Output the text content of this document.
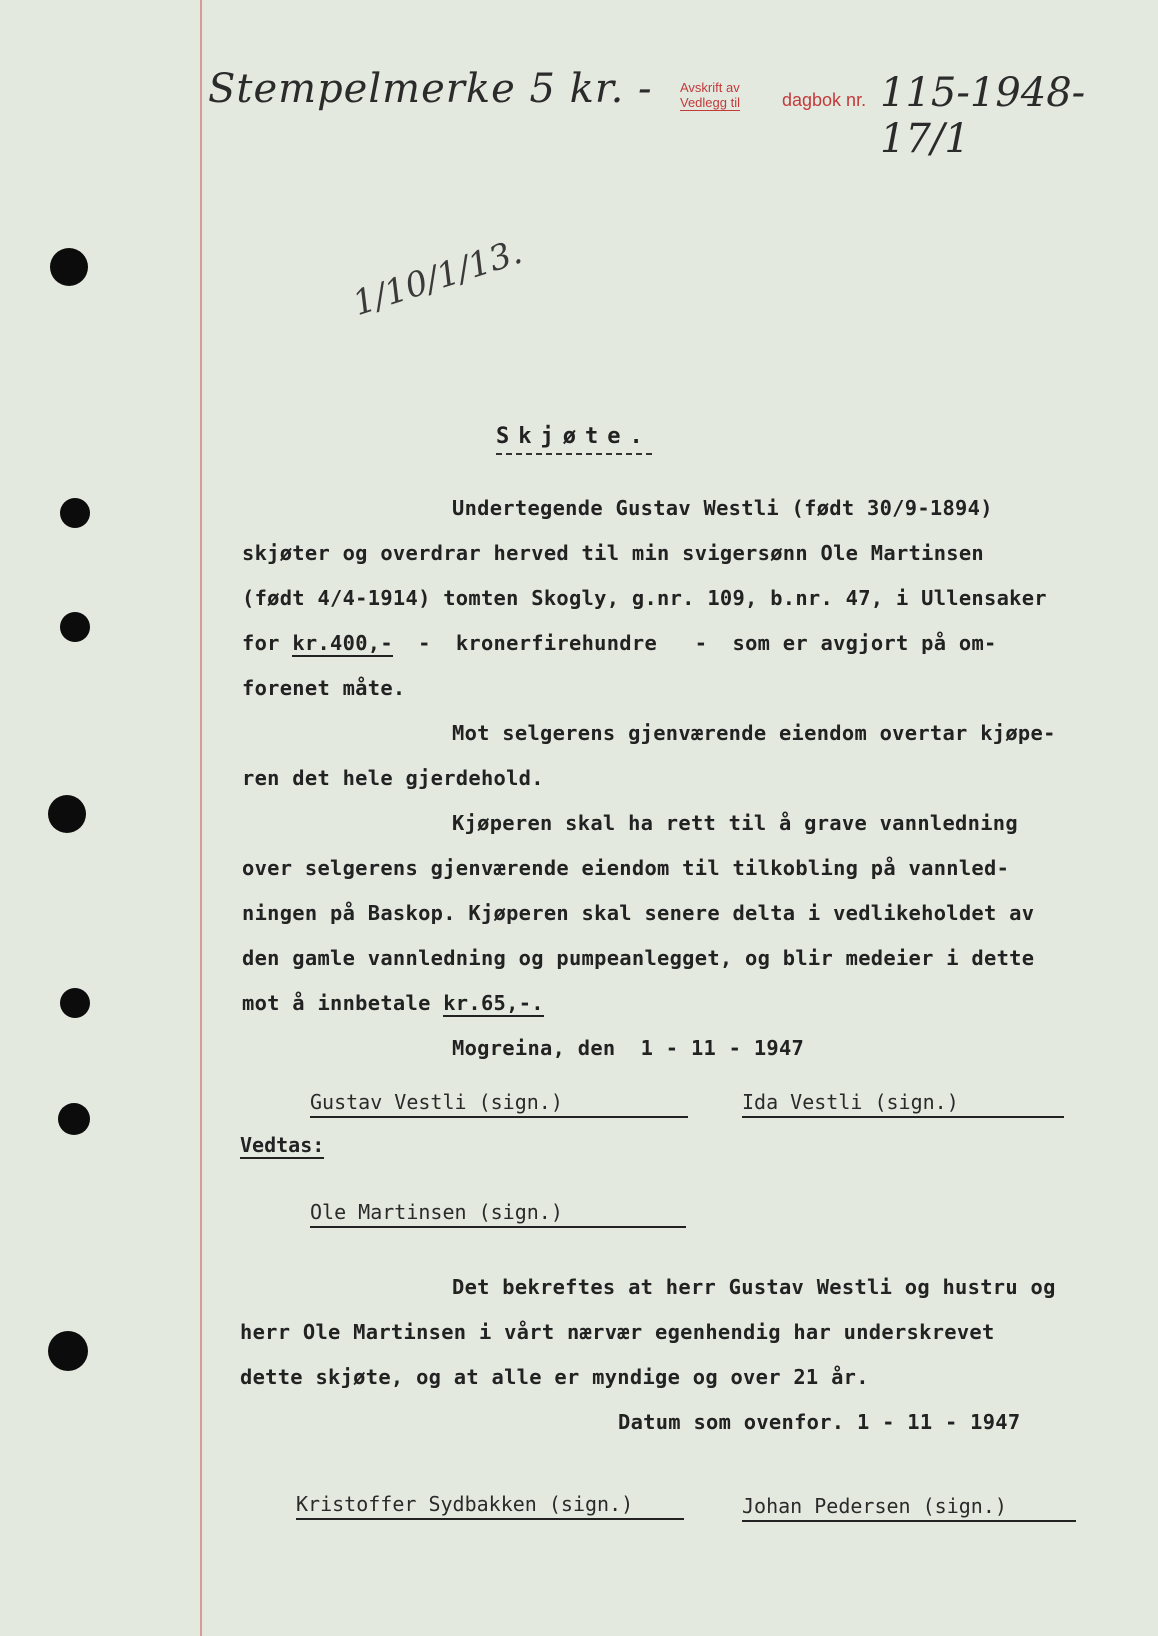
Stempelmerke 5 kr. - Avskrift av
Vedlegg til dagbok nr. 115-1948-17/1
1/10/1/13.
Skjøte.
Undertegende Gustav Westli (født 30/9-1894)
skjøter og overdrar herved til min svigersønn Ole Martinsen
(født 4/4-1914) tomten Skogly, g.nr. 109, b.nr. 47, i Ullensaker
for kr.400,-  -  kronerfirehundre   -  som er avgjort på om-
forenet måte.
Mot selgerens gjenværende eiendom overtar kjøpe-
ren det hele gjerdehold.
Kjøperen skal ha rett til å grave vannledning
over selgerens gjenværende eiendom til tilkobling på vannled-
ningen på Baskop. Kjøperen skal senere delta i vedlikeholdet av
den gamle vannledning og pumpeanlegget, og blir medeier i dette
mot å innbetale kr.65,-.
Mogreina, den  1 - 11 - 1947
Gustav Vestli (sign.)	Ida Vestli (sign.)
Vedtas:
Ole Martinsen (sign.)
Det bekreftes at herr Gustav Westli og hustru og
herr Ole Martinsen i vårt nærvær egenhendig har underskrevet
dette skjøte, og at alle er myndige og over 21 år.
Datum som ovenfor. 1 - 11 - 1947
Kristoffer Sydbakken (sign.)	Johan Pedersen (sign.)
